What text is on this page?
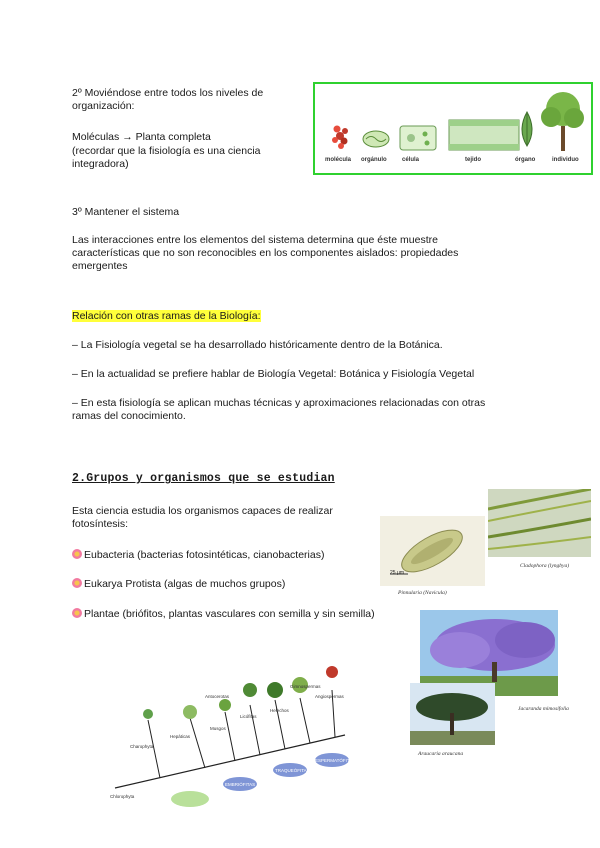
2º Moviéndose entre todos los niveles de organización:
Moléculas → Planta completa
(recordar que la fisiología es una ciencia integradora)
3º Mantener el sistema
Las interacciones entre los elementos del sistema determina que éste muestre características que no son reconocibles en los componentes aislados: propiedades emergentes
molécula orgánulo	célula	tejido	órgano	individuo
Relación con otras ramas de la Biología:
– La Fisiología vegetal se ha desarrollado históricamente dentro de la Botánica.
– En la actualidad se prefiere hablar de Biología Vegetal: Botánica y Fisiología Vegetal
– En esta fisiología se aplican muchas técnicas y aproximaciones relacionadas con otras ramas del conocimiento.
2.Grupos y organismos que se estudian
Esta ciencia estudia los organismos capaces de realizar fotosíntesis:
Eubacteria (bacterias fotosintéticas, cianobacterias)
Eukarya Protista (algas de muchos grupos)
Plantae (briófitos, plantas vasculares con semilla y sin semilla)
25 μm
Pinnularia (Navicula)
Cladophora (lyngbya)
Jacaranda mimosifolia
Araucaria araucana
Chlorophyta
Charophyta
Hepáticas
Musgos
Antocerotas
Licófitas
Helechos
Gimnospermas
Angiospermas
EMBRIÓFITAS
TRAQUEÓFITAS
ESPERMATÓFITAS
